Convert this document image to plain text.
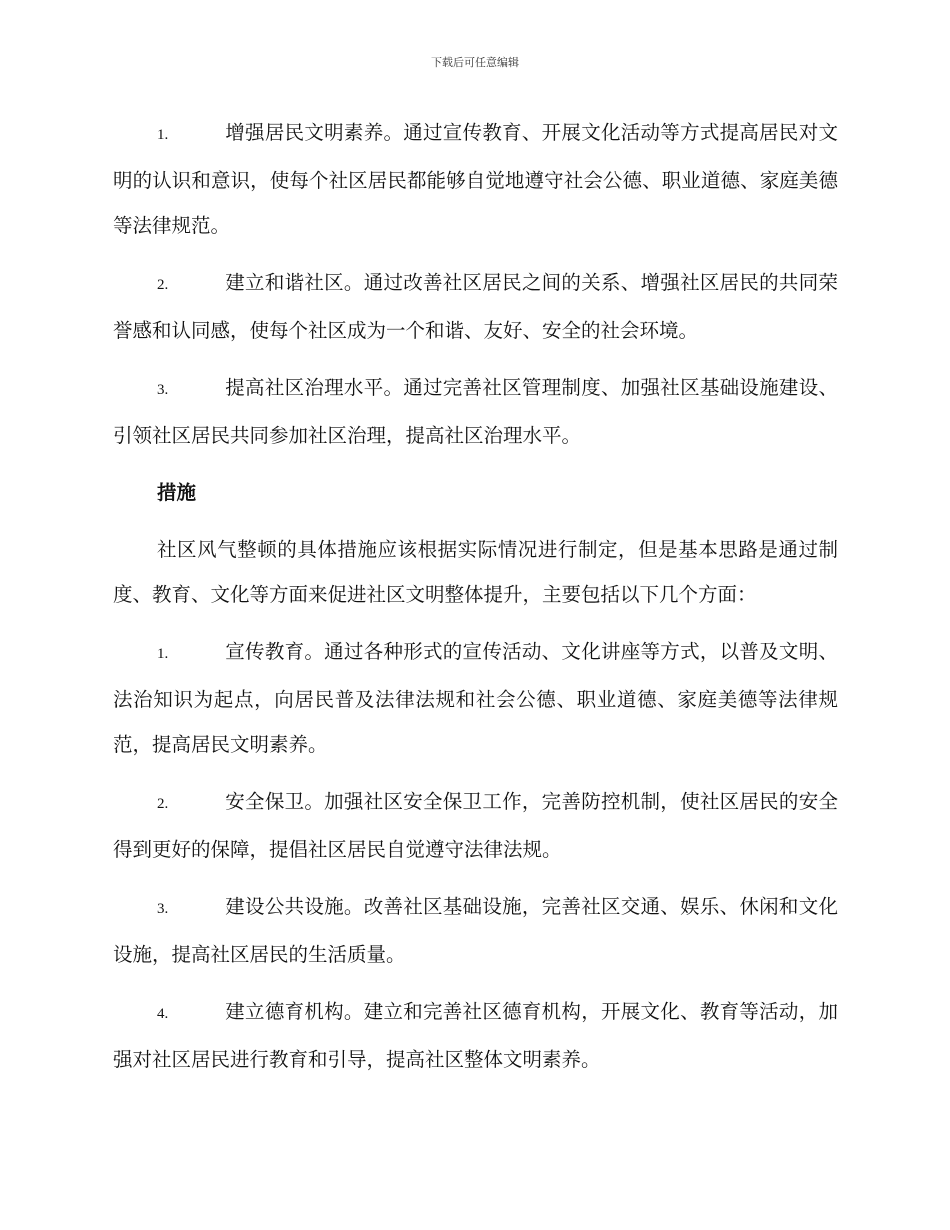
下载后可任意编辑

1.	增强居民文明素养。通过宣传教育、开展文化活动等方式提高居民对文明的认识和意识，使每个社区居民都能够自觉地遵守社会公德、职业道德、家庭美德等法律规范。

2.	建立和谐社区。通过改善社区居民之间的关系、增强社区居民的共同荣誉感和认同感，使每个社区成为一个和谐、友好、安全的社会环境。

3.	提高社区治理水平。通过完善社区管理制度、加强社区基础设施建设、引领社区居民共同参加社区治理，提高社区治理水平。

措施

社区风气整顿的具体措施应该根据实际情况进行制定，但是基本思路是通过制度、教育、文化等方面来促进社区文明整体提升，主要包括以下几个方面：

1.	宣传教育。通过各种形式的宣传活动、文化讲座等方式，以普及文明、法治知识为起点，向居民普及法律法规和社会公德、职业道德、家庭美德等法律规范，提高居民文明素养。

2.	安全保卫。加强社区安全保卫工作，完善防控机制，使社区居民的安全得到更好的保障，提倡社区居民自觉遵守法律法规。

3.	建设公共设施。改善社区基础设施，完善社区交通、娱乐、休闲和文化设施，提高社区居民的生活质量。

4.	建立德育机构。建立和完善社区德育机构，开展文化、教育等活动，加强对社区居民进行教育和引导，提高社区整体文明素养。
